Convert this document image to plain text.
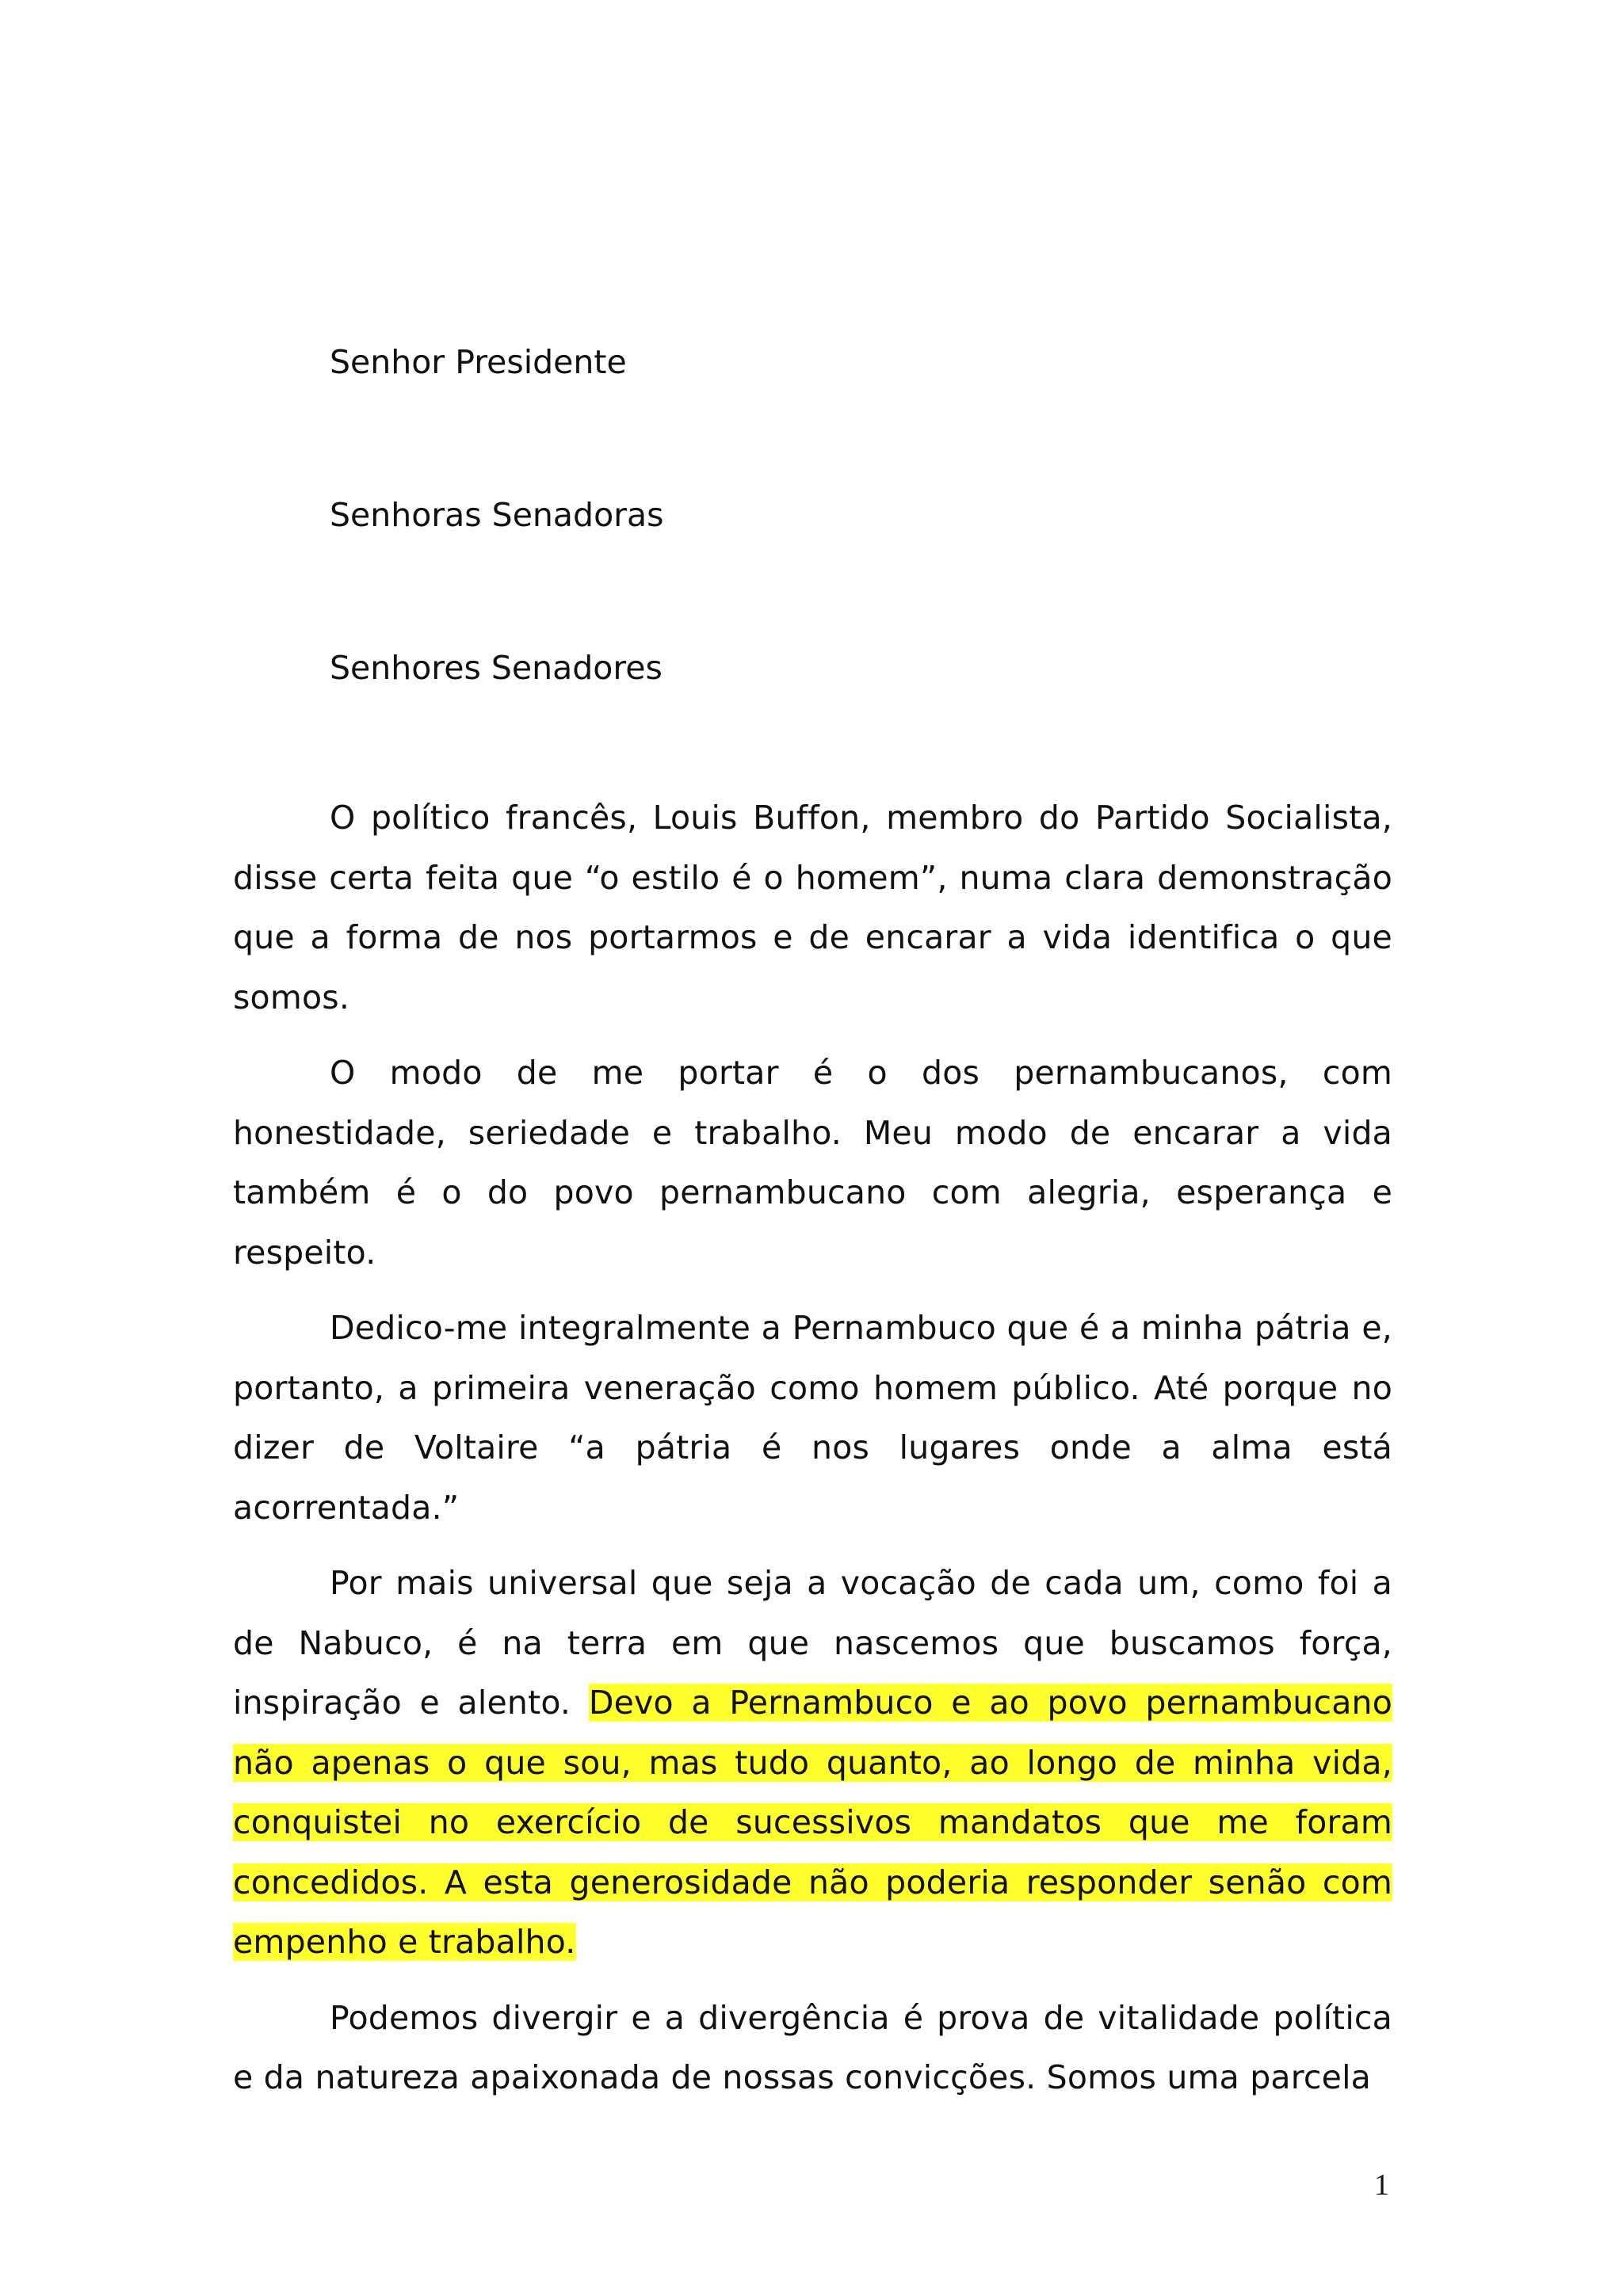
Senhor Presidente
Senhoras Senadoras
Senhores Senadores

O político francês, Louis Buffon, membro do Partido Socialista, disse certa feita que “o estilo é o homem”, numa clara demonstração que a forma de nos portarmos e de encarar a vida identifica o que somos.

O modo de me portar é o dos pernambucanos, com honestidade, seriedade e trabalho. Meu modo de encarar a vida também é o do povo pernambucano com alegria, esperança e respeito.

Dedico-me integralmente a Pernambuco que é a minha pátria e, portanto, a primeira veneração como homem público. Até porque no dizer de Voltaire “a pátria é nos lugares onde a alma está acorrentada.”

Por mais universal que seja a vocação de cada um, como foi a de Nabuco, é na terra em que nascemos que buscamos força, inspiração e alento. Devo a Pernambuco e ao povo pernambucano não apenas o que sou, mas tudo quanto, ao longo de minha vida, conquistei no exercício de sucessivos mandatos que me foram concedidos. A esta generosidade não poderia responder senão com empenho e trabalho.

Podemos divergir e a divergência é prova de vitalidade política e da natureza apaixonada de nossas convicções. Somos uma parcela

1
